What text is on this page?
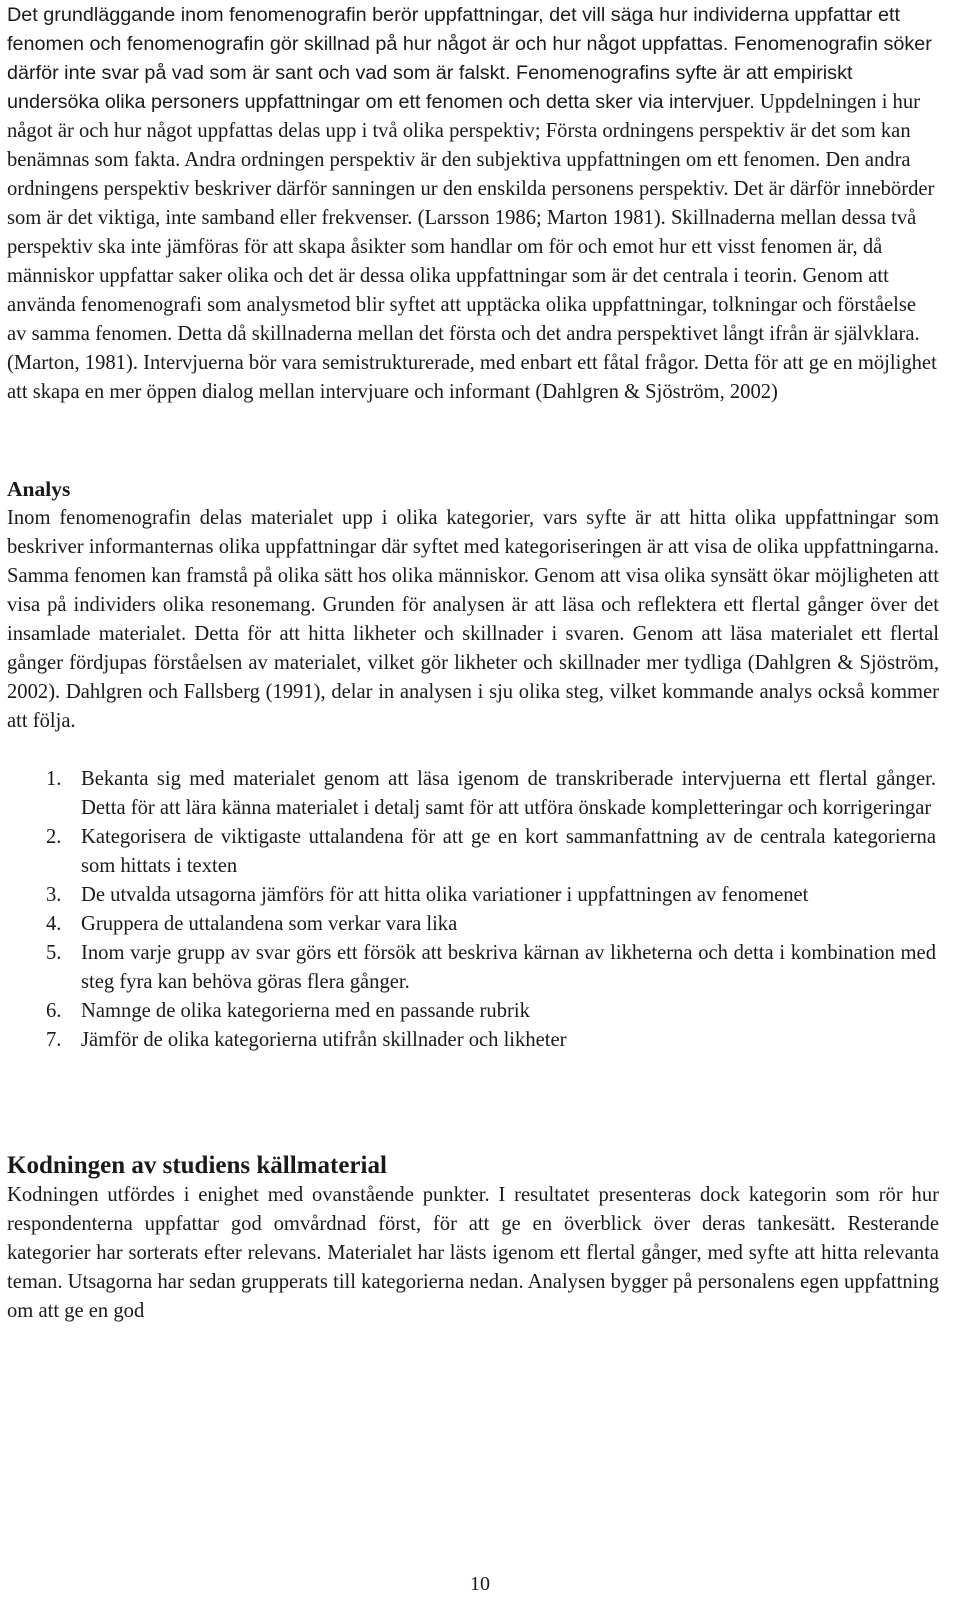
Det grundläggande inom fenomenografin berör uppfattningar, det vill säga hur individerna uppfattar ett fenomen och fenomenografin gör skillnad på hur något är och hur något uppfattas. Fenomenografin söker därför inte svar på vad som är sant och vad som är falskt. Fenomenografins syfte är att empiriskt undersöka olika personers uppfattningar om ett fenomen och detta sker via intervjuer. Uppdelningen i hur något är och hur något uppfattas delas upp i två olika perspektiv; Första ordningens perspektiv är det som kan benämnas som fakta. Andra ordningen perspektiv är den subjektiva uppfattningen om ett fenomen. Den andra ordningens perspektiv beskriver därför sanningen ur den enskilda personens perspektiv. Det är därför innebörder som är det viktiga, inte samband eller frekvenser. (Larsson 1986; Marton 1981). Skillnaderna mellan dessa två perspektiv ska inte jämföras för att skapa åsikter som handlar om för och emot hur ett visst fenomen är, då människor uppfattar saker olika och det är dessa olika uppfattningar som är det centrala i teorin. Genom att använda fenomenografi som analysmetod blir syftet att upptäcka olika uppfattningar, tolkningar och förståelse av samma fenomen. Detta då skillnaderna mellan det första och det andra perspektivet långt ifrån är självklara. (Marton, 1981). Intervjuerna bör vara semistrukturerade, med enbart ett fåtal frågor. Detta för att ge en möjlighet att skapa en mer öppen dialog mellan intervjuare och informant (Dahlgren & Sjöström, 2002)

Analys

Inom fenomenografin delas materialet upp i olika kategorier, vars syfte är att hitta olika uppfattningar som beskriver informanternas olika uppfattningar där syftet med kategoriseringen är att visa de olika uppfattningarna. Samma fenomen kan framstå på olika sätt hos olika människor. Genom att visa olika synsätt ökar möjligheten att visa på individers olika resonemang. Grunden för analysen är att läsa och reflektera ett flertal gånger över det insamlade materialet. Detta för att hitta likheter och skillnader i svaren. Genom att läsa materialet ett flertal gånger fördjupas förståelsen av materialet, vilket gör likheter och skillnader mer tydliga (Dahlgren & Sjöström, 2002). Dahlgren och Fallsberg (1991), delar in analysen i sju olika steg, vilket kommande analys också kommer att följa.

1. Bekanta sig med materialet genom att läsa igenom de transkriberade intervjuerna ett flertal gånger. Detta för att lära känna materialet i detalj samt för att utföra önskade kompletteringar och korrigeringar
2. Kategorisera de viktigaste uttalandena för att ge en kort sammanfattning av de centrala kategorierna som hittats i texten
3. De utvalda utsagorna jämförs för att hitta olika variationer i uppfattningen av fenomenet
4. Gruppera de uttalandena som verkar vara lika
5. Inom varje grupp av svar görs ett försök att beskriva kärnan av likheterna och detta i kombination med steg fyra kan behöva göras flera gånger.
6. Namnge de olika kategorierna med en passande rubrik
7. Jämför de olika kategorierna utifrån skillnader och likheter
Kodningen av studiens källmaterial

Kodningen utfördes i enighet med ovanstående punkter. I resultatet presenteras dock kategorin som rör hur respondenterna uppfattar god omvårdnad först, för att ge en överblick över deras tankesätt. Resterande kategorier har sorterats efter relevans. Materialet har lästs igenom ett flertal gånger, med syfte att hitta relevanta teman. Utsagorna har sedan grupperats till kategorierna nedan. Analysen bygger på personalens egen uppfattning om att ge en god

10
